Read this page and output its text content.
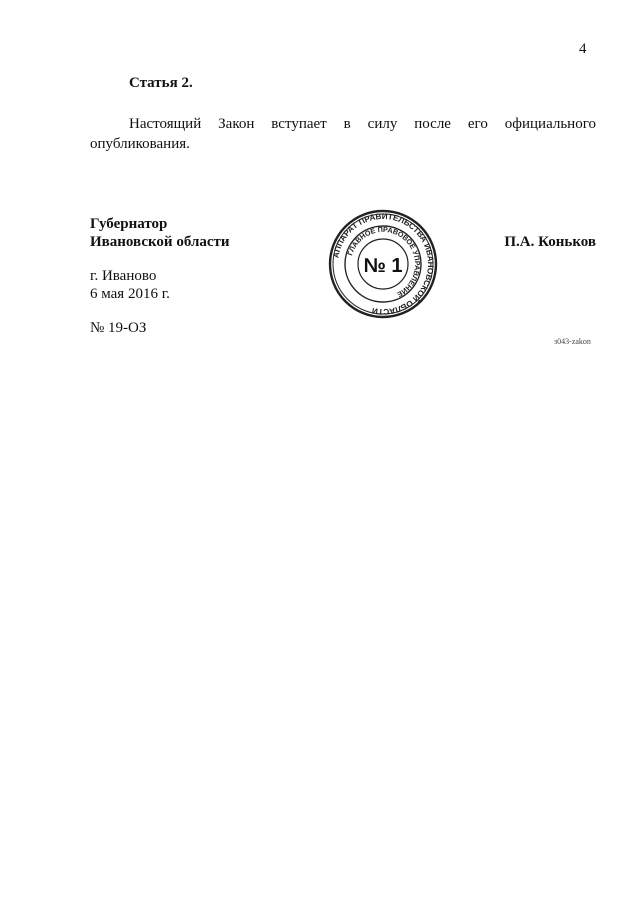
4
Статья 2.
Настоящий Закон вступает в силу после его официального опубликования.
Губернатор
Ивановской области
АППАРАТ ПРАВИТЕЛЬСТВА ИВАНОВСКОЙ ОБЛАСТИ
ГЛАВНОЕ ПРАВОВОЕ УПРАВЛЕНИЕ
№ 1
П.А. Коньков
г. Иваново
6 мая 2016 г.
№ 19-ОЗ
з043-zakon
